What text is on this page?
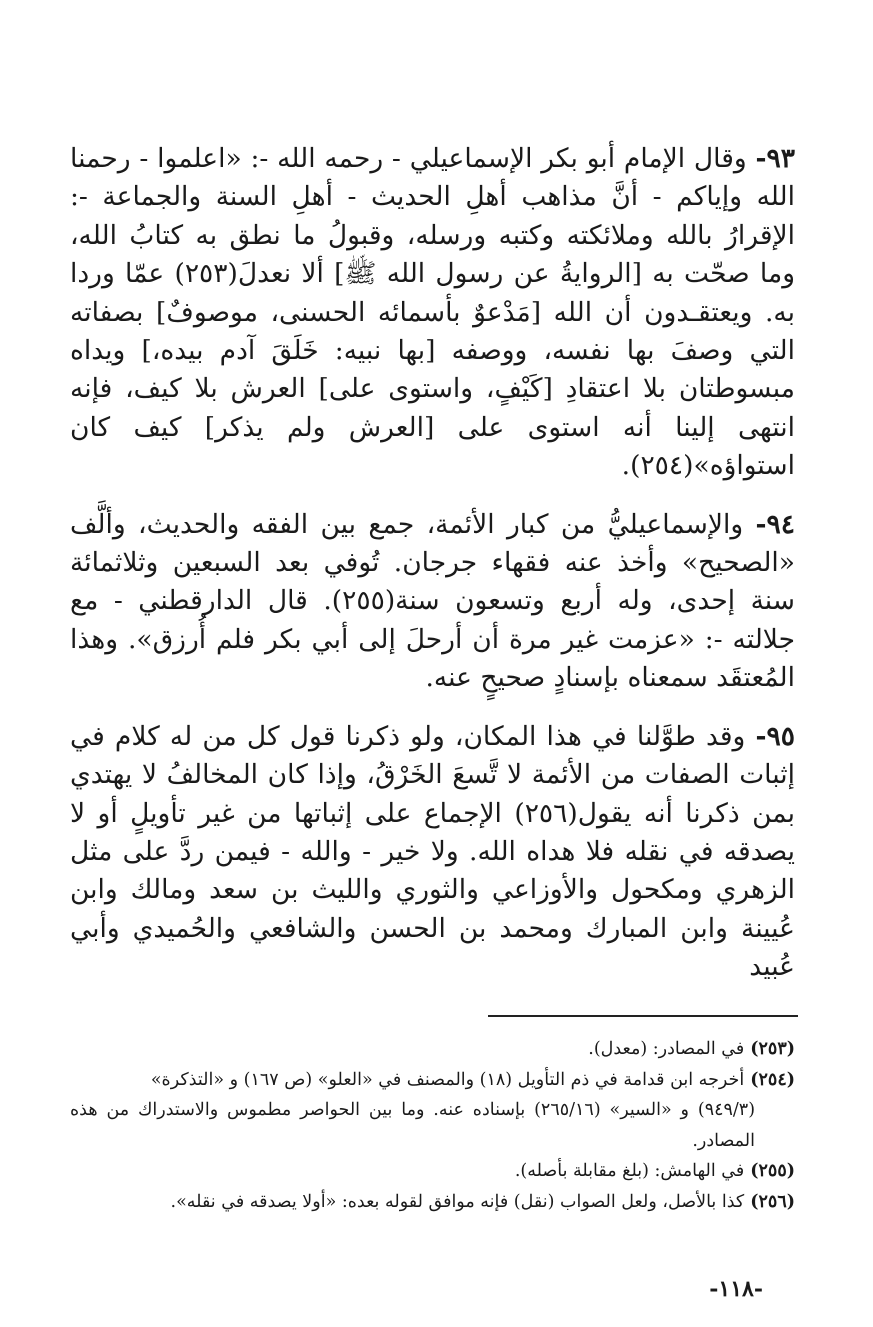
٩٣- وقال الإمام أبو بكر الإسماعيلي - رحمه الله -: «اعلموا - رحمنا الله وإياكم - أنَّ مذاهب أهلِ الحديث - أهلِ السنة والجماعة -: الإقرارُ بالله وملائكته وكتبه ورسله، وقبولُ ما نطق به كتابُ الله، وما صحّت به [الروايةُ عن رسول الله ﷺ] ألا نعدلَ(٢٥٣) عمّا وردا به. ويعتقـدون أن الله [مَدْعوٌ بأسمائه الحسنى، موصوفٌ] بصفاته التي وصفَ بها نفسه، ووصفه [بها نبيه: خَلَقَ آدم بيده،] ويداه مبسوطتان بلا اعتقادِ [كَيْفٍ، واستوى على] العرش بلا كيف، فإنه انتهى إلينا أنه استوى على [العرش ولم يذكر] كيف كان استواؤه»(٢٥٤).

٩٤- والإسماعيليُّ من كبار الأئمة، جمع بين الفقه والحديث، وألَّف «الصحيح» وأخذ عنه فقهاء جرجان. تُوفي بعد السبعين وثلاثمائة سنة إحدى، وله أربع وتسعون سنة(٢٥٥). قال الدارقطني - مع جلالته -: «عزمت غير مرة أن أرحلَ إلى أبي بكر فلم أُرزق». وهذا المُعتقَد سمعناه بإسنادٍ صحيحٍ عنه.

٩٥- وقد طوَّلنا في هذا المكان، ولو ذكرنا قول كل من له كلام في إثبات الصفات من الأئمة لا تَّسعَ الخَرْقُ، وإذا كان المخالفُ لا يهتدي بمن ذكرنا أنه يقول(٢٥٦) الإجماع على إثباتها من غير تأويلٍ أو لا يصدقه في نقله فلا هداه الله. ولا خير - والله - فيمن ردَّ على مثل الزهري ومكحول والأوزاعي والثوري والليث بن سعد ومالك وابن عُيينة وابن المبارك ومحمد بن الحسن والشافعي والحُميدي وأبي عُبيد

(٢٥٣)في المصادر: (معدل).

(٢٥٤)أخرجه ابن قدامة في ذم التأويل (١٨) والمصنف في «العلو» (ص ١٦٧) و «التذكرة»

(٩٤٩/٣) و «السير» (٢٦٥/١٦) بإسناده عنه. وما بين الحواصر مطموس والاستدراك من هذه المصادر.

(٢٥٥)في الهامش: (بلغ مقابلة بأصله).

(٢٥٦)كذا بالأصل، ولعل الصواب (نقل) فإنه موافق لقوله بعده: «أولا يصدقه في نقله».

-١١٨-
